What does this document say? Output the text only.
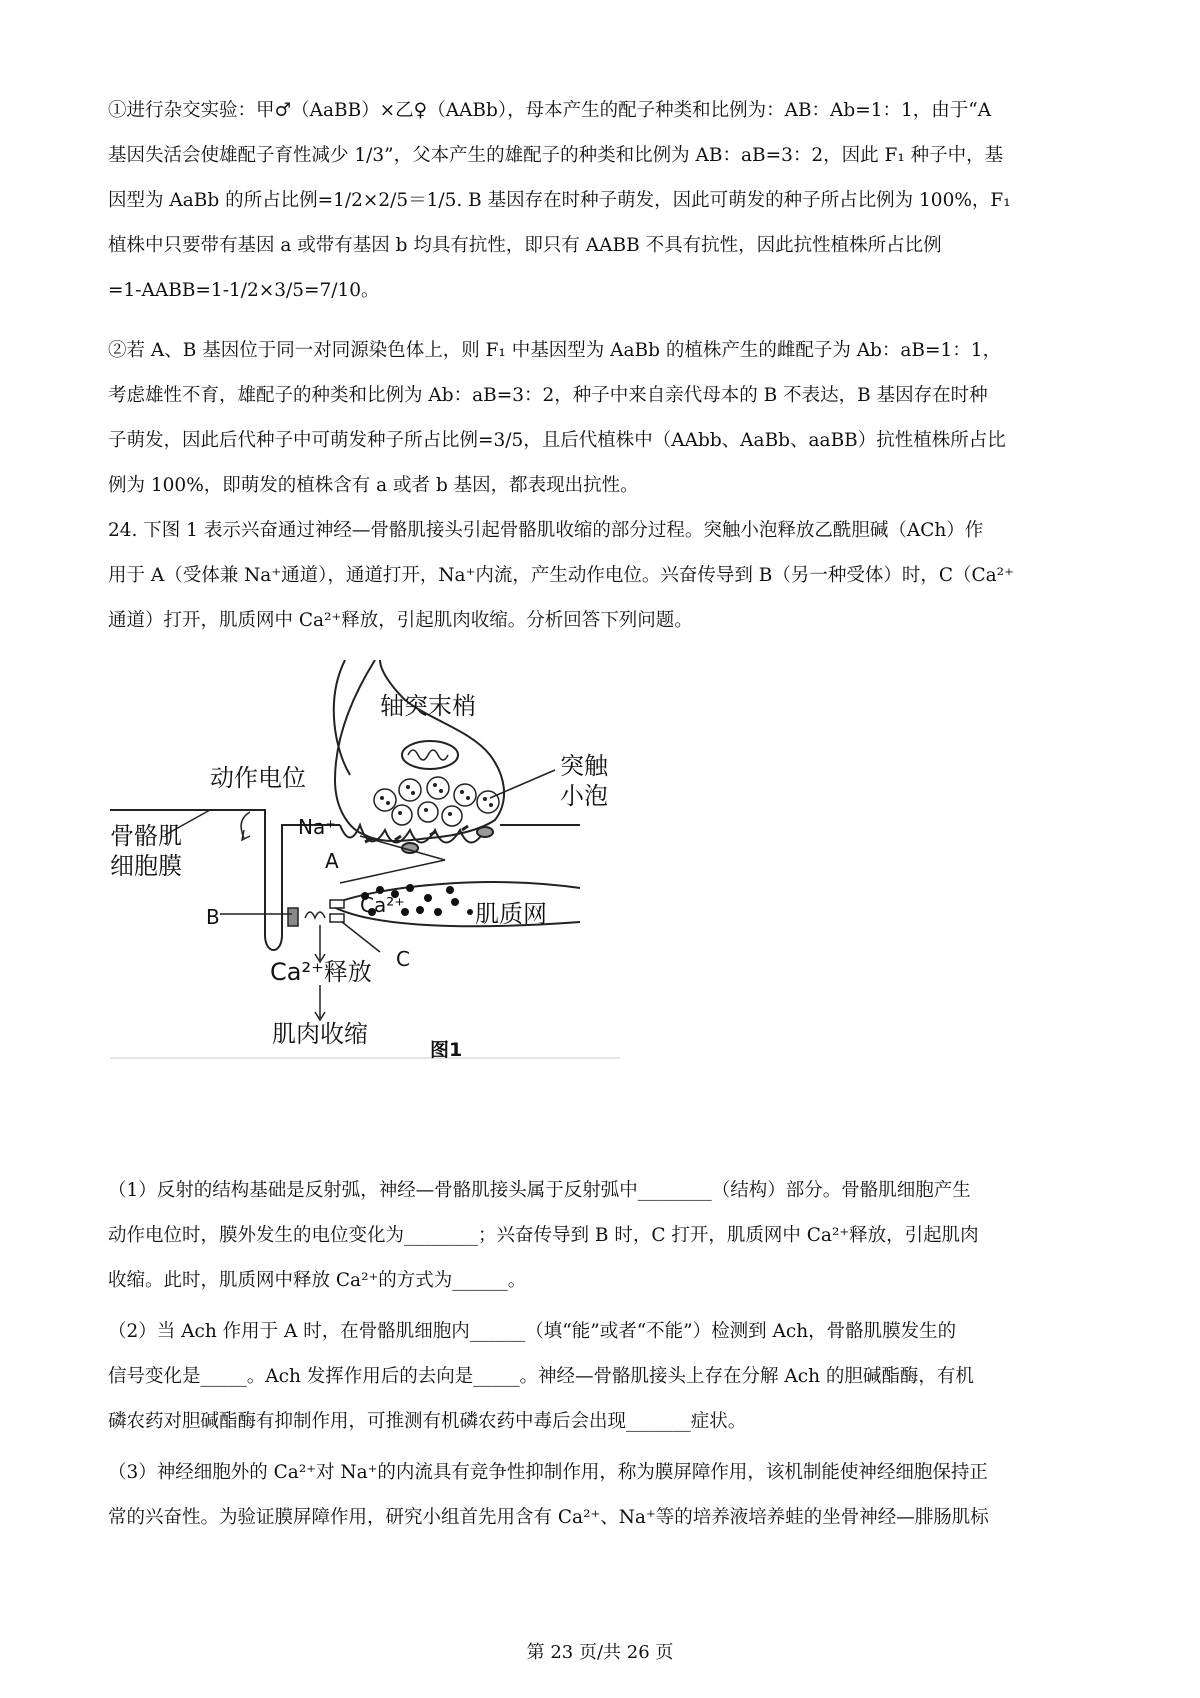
①进行杂交实验：甲♂（AaBB）×乙♀（AABb），母本产生的配子种类和比例为：AB：Ab=1：1，由于“A
基因失活会使雄配子育性减少 1/3”，父本产生的雄配子的种类和比例为 AB：aB=3：2，因此 F₁ 种子中，基
因型为 AaBb 的所占比例=1/2×2/5＝1/5. B 基因存在时种子萌发，因此可萌发的种子所占比例为 100%，F₁
植株中只要带有基因 a 或带有基因 b 均具有抗性，即只有 AABB 不具有抗性，因此抗性植株所占比例
=1-AABB=1-1/2×3/5=7/10。
②若 A、B 基因位于同一对同源染色体上，则 F₁ 中基因型为 AaBb 的植株产生的雌配子为 Ab：aB=1：1，
考虑雄性不育，雄配子的种类和比例为 Ab：aB=3：2，种子中来自亲代母本的 B 不表达，B 基因存在时种
子萌发，因此后代种子中可萌发种子所占比例=3/5，且后代植株中（AAbb、AaBb、aaBB）抗性植株所占比
例为 100%，即萌发的植株含有 a 或者 b 基因，都表现出抗性。
24. 下图 1 表示兴奋通过神经—骨骼肌接头引起骨骼肌收缩的部分过程。突触小泡释放乙酰胆碱（ACh）作
用于 A（受体兼 Na⁺通道），通道打开，Na⁺内流，产生动作电位。兴奋传导到 B（另一种受体）时，C（Ca²⁺
通道）打开，肌质网中 Ca²⁺释放，引起肌肉收缩。分析回答下列问题。
轴突末梢
突触
小泡
动作电位
骨骼肌
细胞膜
肌质网
Ca²⁺释放
肌肉收缩
Na⁺
A
B
C
Ca²⁺
图1
（1）反射的结构基础是反射弧，神经—骨骼肌接头属于反射弧中________（结构）部分。骨骼肌细胞产生
动作电位时，膜外发生的电位变化为________；兴奋传导到 B 时，C 打开，肌质网中 Ca²⁺释放，引起肌肉
收缩。此时，肌质网中释放 Ca²⁺的方式为______。
（2）当 Ach 作用于 A 时，在骨骼肌细胞内______（填“能”或者“不能”）检测到 Ach，骨骼肌膜发生的
信号变化是_____。Ach 发挥作用后的去向是_____。神经—骨骼肌接头上存在分解 Ach 的胆碱酯酶，有机
磷农药对胆碱酯酶有抑制作用，可推测有机磷农药中毒后会出现_______症状。
（3）神经细胞外的 Ca²⁺对 Na⁺的内流具有竞争性抑制作用，称为膜屏障作用，该机制能使神经细胞保持正
常的兴奋性。为验证膜屏障作用，研究小组首先用含有 Ca²⁺、Na⁺等的培养液培养蛙的坐骨神经—腓肠肌标
第 23 页/共 26 页
